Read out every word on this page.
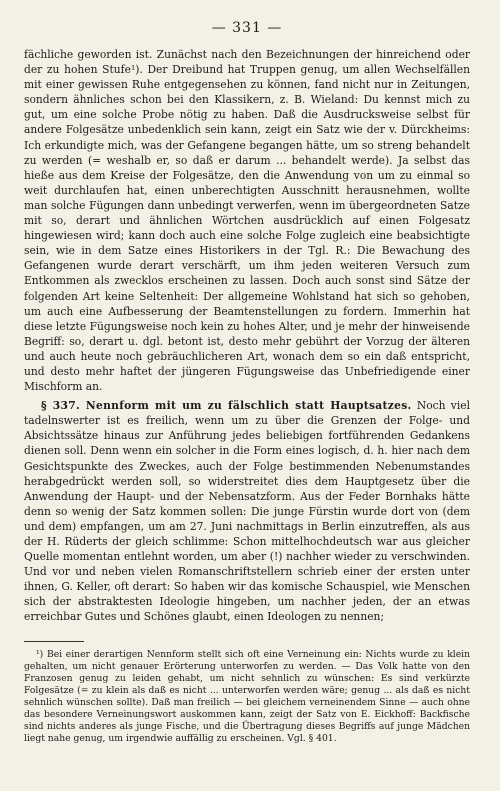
— 331 —

fächliche geworden ist. Zunächst nach den Bezeichnungen der hinreichend oder der zu hohen Stufe¹). Der Dreibund hat Truppen genug, um allen Wechselfällen mit einer gewissen Ruhe entgegensehen zu können, fand nicht nur in Zeitungen, sondern ähnliches schon bei den Klassikern, z. B. Wieland: Du kennst mich zu gut, um eine solche Probe nötig zu haben. Daß die Ausdrucksweise selbst für andere Folgesätze unbedenklich sein kann, zeigt ein Satz wie der v. Dürckheims: Ich erkundigte mich, was der Gefangene begangen hätte, um so streng behandelt zu werden (= weshalb er, so daß er darum ... behandelt werde). Ja selbst das hieße aus dem Kreise der Folgesätze, den die Anwendung von um zu einmal so weit durchlaufen hat, einen unberechtigten Ausschnitt herausnehmen, wollte man solche Fügungen dann unbedingt verwerfen, wenn im übergeordneten Satze mit so, derart und ähnlichen Wörtchen ausdrücklich auf einen Folgesatz hingewiesen wird; kann doch auch eine solche Folge zugleich eine beabsichtigte sein, wie in dem Satze eines Historikers in der Tgl. R.: Die Bewachung des Gefangenen wurde derart verschärft, um ihm jeden weiteren Versuch zum Entkommen als zwecklos erscheinen zu lassen. Doch auch sonst sind Sätze der folgenden Art keine Seltenheit: Der allgemeine Wohlstand hat sich so gehoben, um auch eine Aufbesserung der Beamtenstellungen zu fordern. Immerhin hat diese letzte Fügungsweise noch kein zu hohes Alter, und je mehr der hinweisende Begriff: so, derart u. dgl. betont ist, desto mehr gebührt der Vorzug der älteren und auch heute noch gebräuchlicheren Art, wonach dem so ein daß entspricht, und desto mehr haftet der jüngeren Fügungsweise das Unbefriedigende einer Mischform an.

§ 337. Nennform mit um zu fälschlich statt Hauptsatzes. Noch viel tadelnswerter ist es freilich, wenn um zu über die Grenzen der Folge- und Absichtssätze hinaus zur Anführung jedes beliebigen fortführenden Gedankens dienen soll. Denn wenn ein solcher in die Form eines logisch, d. h. hier nach dem Gesichtspunkte des Zweckes, auch der Folge bestimmenden Nebenumstandes herabgedrückt werden soll, so widerstreitet dies dem Hauptgesetz über die Anwendung der Haupt- und der Nebensatzform. Aus der Feder Bornhaks hätte denn so wenig der Satz kommen sollen: Die junge Fürstin wurde dort von (dem und dem) empfangen, um am 27. Juni nachmittags in Berlin einzutreffen, als aus der H. Rüderts der gleich schlimme: Schon mittelhochdeutsch war aus gleicher Quelle momentan entlehnt worden, um aber (!) nachher wieder zu verschwinden. Und vor und neben vielen Romanschriftstellern schrieb einer der ersten unter ihnen, G. Keller, oft derart: So haben wir das komische Schauspiel, wie Menschen sich der abstraktesten Ideologie hingeben, um nachher jeden, der an etwas erreichbar Gutes und Schönes glaubt, einen Ideologen zu nennen;

¹) Bei einer derartigen Nennform stellt sich oft eine Verneinung ein: Nichts wurde zu klein gehalten, um nicht genauer Erörterung unterworfen zu werden. — Das Volk hatte von den Franzosen genug zu leiden gehabt, um nicht sehnlich zu wünschen: Es sind verkürzte Folgesätze (= zu klein als daß es nicht ... unterworfen werden wäre; genug ... als daß es nicht sehnlich wünschen sollte). Daß man freilich — bei gleichem verneinendem Sinne — auch ohne das besondere Verneinungswort auskommen kann, zeigt der Satz von E. Eickhoff: Backfische sind nichts anderes als junge Fische, und die Übertragung dieses Begriffs auf junge Mädchen liegt nahe genug, um irgendwie auffällig zu erscheinen. Vgl. § 401.
